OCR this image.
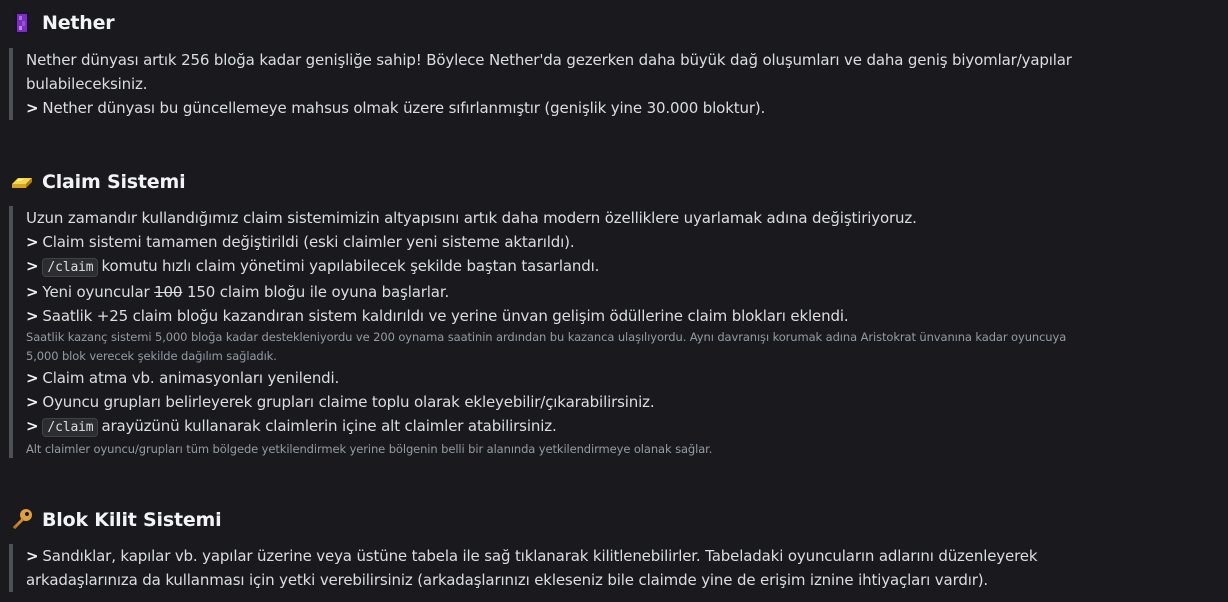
Nether
Nether dünyası artık 256 bloğa kadar genişliğe sahip! Böylece Nether'da gezerken daha büyük dağ oluşumları ve daha geniş biyomlar/yapılar bulabileceksiniz.
> Nether dünyası bu güncellemeye mahsus olmak üzere sıfırlanmıştır (genişlik yine 30.000 bloktur).
Claim Sistemi
Uzun zamandır kullandığımız claim sistemimizin altyapısını artık daha modern özelliklere uyarlamak adına değiştiriyoruz.
> Claim sistemi tamamen değiştirildi (eski claimler yeni sisteme aktarıldı).
> /claim komutu hızlı claim yönetimi yapılabilecek şekilde baştan tasarlandı.
> Yeni oyuncular 100 150 claim bloğu ile oyuna başlarlar.
> Saatlik +25 claim bloğu kazandıran sistem kaldırıldı ve yerine ünvan gelişim ödüllerine claim blokları eklendi.
Saatlik kazanç sistemi 5,000 bloğa kadar destekleniyordu ve 200 oynama saatinin ardından bu kazanca ulaşılıyordu. Aynı davranışı korumak adına Aristokrat ünvanına kadar oyuncuya 5,000 blok verecek şekilde dağılım sağladık.
> Claim atma vb. animasyonları yenilendi.
> Oyuncu grupları belirleyerek grupları claime toplu olarak ekleyebilir/çıkarabilirsiniz.
> /claim arayüzünü kullanarak claimlerin içine alt claimler atabilirsiniz.
Alt claimler oyuncu/grupları tüm bölgede yetkilendirmek yerine bölgenin belli bir alanında yetkilendirmeye olanak sağlar.
Blok Kilit Sistemi
> Sandıklar, kapılar vb. yapılar üzerine veya üstüne tabela ile sağ tıklanarak kilitlenebilirler. Tabeladaki oyuncuların adlarını düzenleyerek arkadaşlarınıza da kullanması için yetki verebilirsiniz (arkadaşlarınızı ekleseniz bile claimde yine de erişim iznine ihtiyaçları vardır).
